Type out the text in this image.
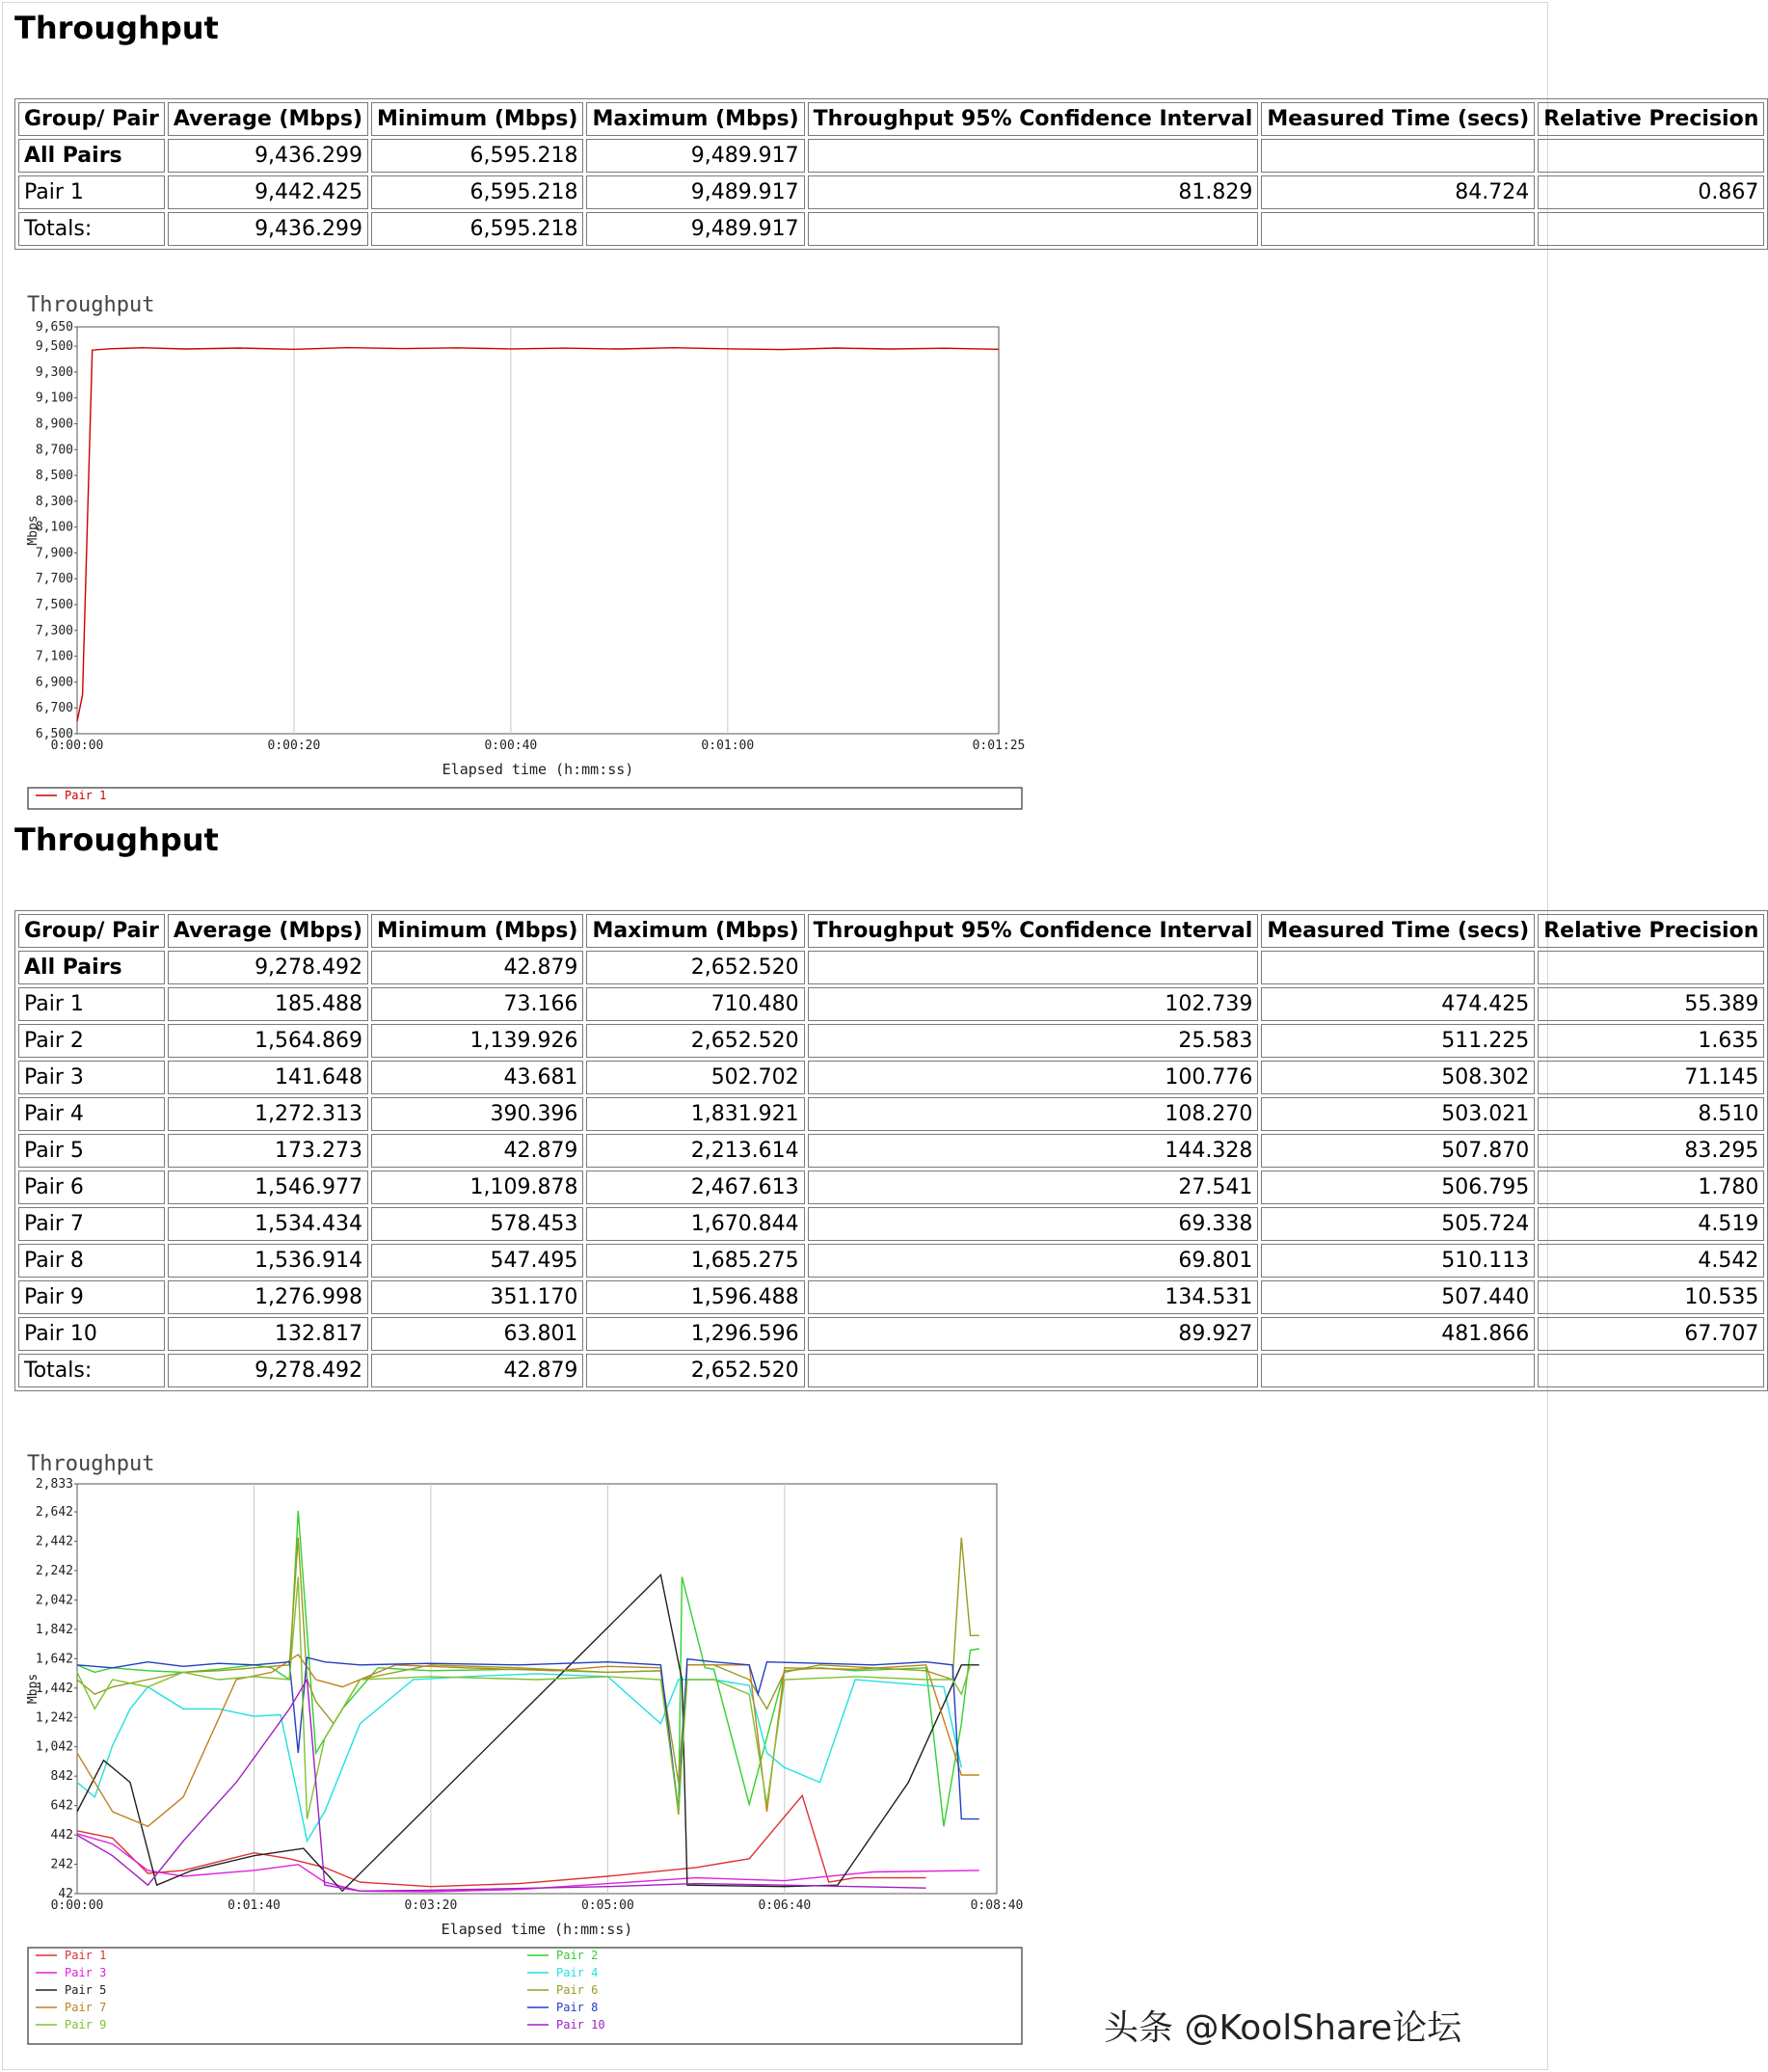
Throughput
Group/ Pair	Average (Mbps)	Minimum (Mbps)	Maximum (Mbps)	Throughput 95% Confidence Interval	Measured Time (secs)	Relative Precision
All Pairs	9,436.299	6,595.218	9,489.917			
Pair 1	9,442.425	6,595.218	9,489.917	81.829	84.724	0.867
Totals:	9,436.299	6,595.218	9,489.917			
Throughput
0:00:00	0:00:20	0:00:40	0:01:00	0:01:25
9,650
9,500
9,300
9,100
8,900
8,700
8,500
8,300
8,100
7,900
7,700
7,500
7,300
7,100
6,900
6,700
6,500
Elapsed time (h:mm:ss)
Mbps
Pair 1
Throughput
Group/ Pair	Average (Mbps)	Minimum (Mbps)	Maximum (Mbps)	Throughput 95% Confidence Interval	Measured Time (secs)	Relative Precision
All Pairs	9,278.492	42.879	2,652.520			
Pair 1	185.488	73.166	710.480	102.739	474.425	55.389
Pair 2	1,564.869	1,139.926	2,652.520	25.583	511.225	1.635
Pair 3	141.648	43.681	502.702	100.776	508.302	71.145
Pair 4	1,272.313	390.396	1,831.921	108.270	503.021	8.510
Pair 5	173.273	42.879	2,213.614	144.328	507.870	83.295
Pair 6	1,546.977	1,109.878	2,467.613	27.541	506.795	1.780
Pair 7	1,534.434	578.453	1,670.844	69.338	505.724	4.519
Pair 8	1,536.914	547.495	1,685.275	69.801	510.113	4.542
Pair 9	1,276.998	351.170	1,596.488	134.531	507.440	10.535
Pair 10	132.817	63.801	1,296.596	89.927	481.866	67.707
Totals:	9,278.492	42.879	2,652.520			
Throughput
0:00:00	0:01:40	0:03:20	0:05:00	0:06:40	0:08:40
2,833
2,642
2,442
2,242
2,042
1,842
1,642
1,442
1,242
1,042
842
642
442
242
42
Elapsed time (h:mm:ss)
Mbps
Pair 1	Pair 2
Pair 3	Pair 4
Pair 5	Pair 6
Pair 7	Pair 8
Pair 9	Pair 10	头条 @KoolShare论坛
